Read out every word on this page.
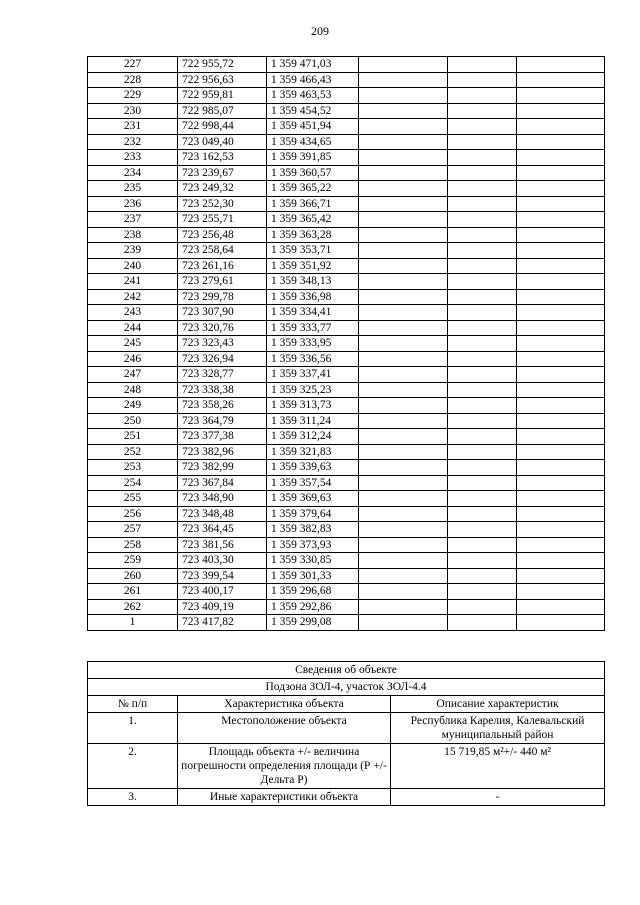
209
227	722 955,72	1 359 471,03			
228	722 956,63	1 359 466,43			
229	722 959,81	1 359 463,53			
230	722 985,07	1 359 454,52			
231	722 998,44	1 359 451,94			
232	723 049,40	1 359 434,65			
233	723 162,53	1 359 391,85			
234	723 239,67	1 359 360,57			
235	723 249,32	1 359 365,22			
236	723 252,30	1 359 366,71			
237	723 255,71	1 359 365,42			
238	723 256,48	1 359 363,28			
239	723 258,64	1 359 353,71			
240	723 261,16	1 359 351,92			
241	723 279,61	1 359 348,13			
242	723 299,78	1 359 336,98			
243	723 307,90	1 359 334,41			
244	723 320,76	1 359 333,77			
245	723 323,43	1 359 333,95			
246	723 326,94	1 359 336,56			
247	723 328,77	1 359 337,41			
248	723 338,38	1 359 325,23			
249	723 358,26	1 359 313,73			
250	723 364,79	1 359 311,24			
251	723 377,38	1 359 312,24			
252	723 382,96	1 359 321,83			
253	723 382,99	1 359 339,63			
254	723 367,84	1 359 357,54			
255	723 348,90	1 359 369,63			
256	723 348,48	1 359 379,64			
257	723 364,45	1 359 382,83			
258	723 381,56	1 359 373,93			
259	723 403,30	1 359 330,85			
260	723 399,54	1 359 301,33			
261	723 400,17	1 359 296,68			
262	723 409,19	1 359 292,86			
1	723 417,82	1 359 299,08			
Сведения об объекте		
Подзона ЗОЛ-4, участок ЗОЛ-4.4		
№ п/п	Характеристика объекта	Описание характеристик
1.	Местоположение объекта	Республика Карелия, Калевальский муниципальный район
2.	Площадь объекта +/- величина погрешности определения площади (Р +/- Дельта Р)	15 719,85 м²+/- 440 м²
3.	Иные характеристики объекта	-
